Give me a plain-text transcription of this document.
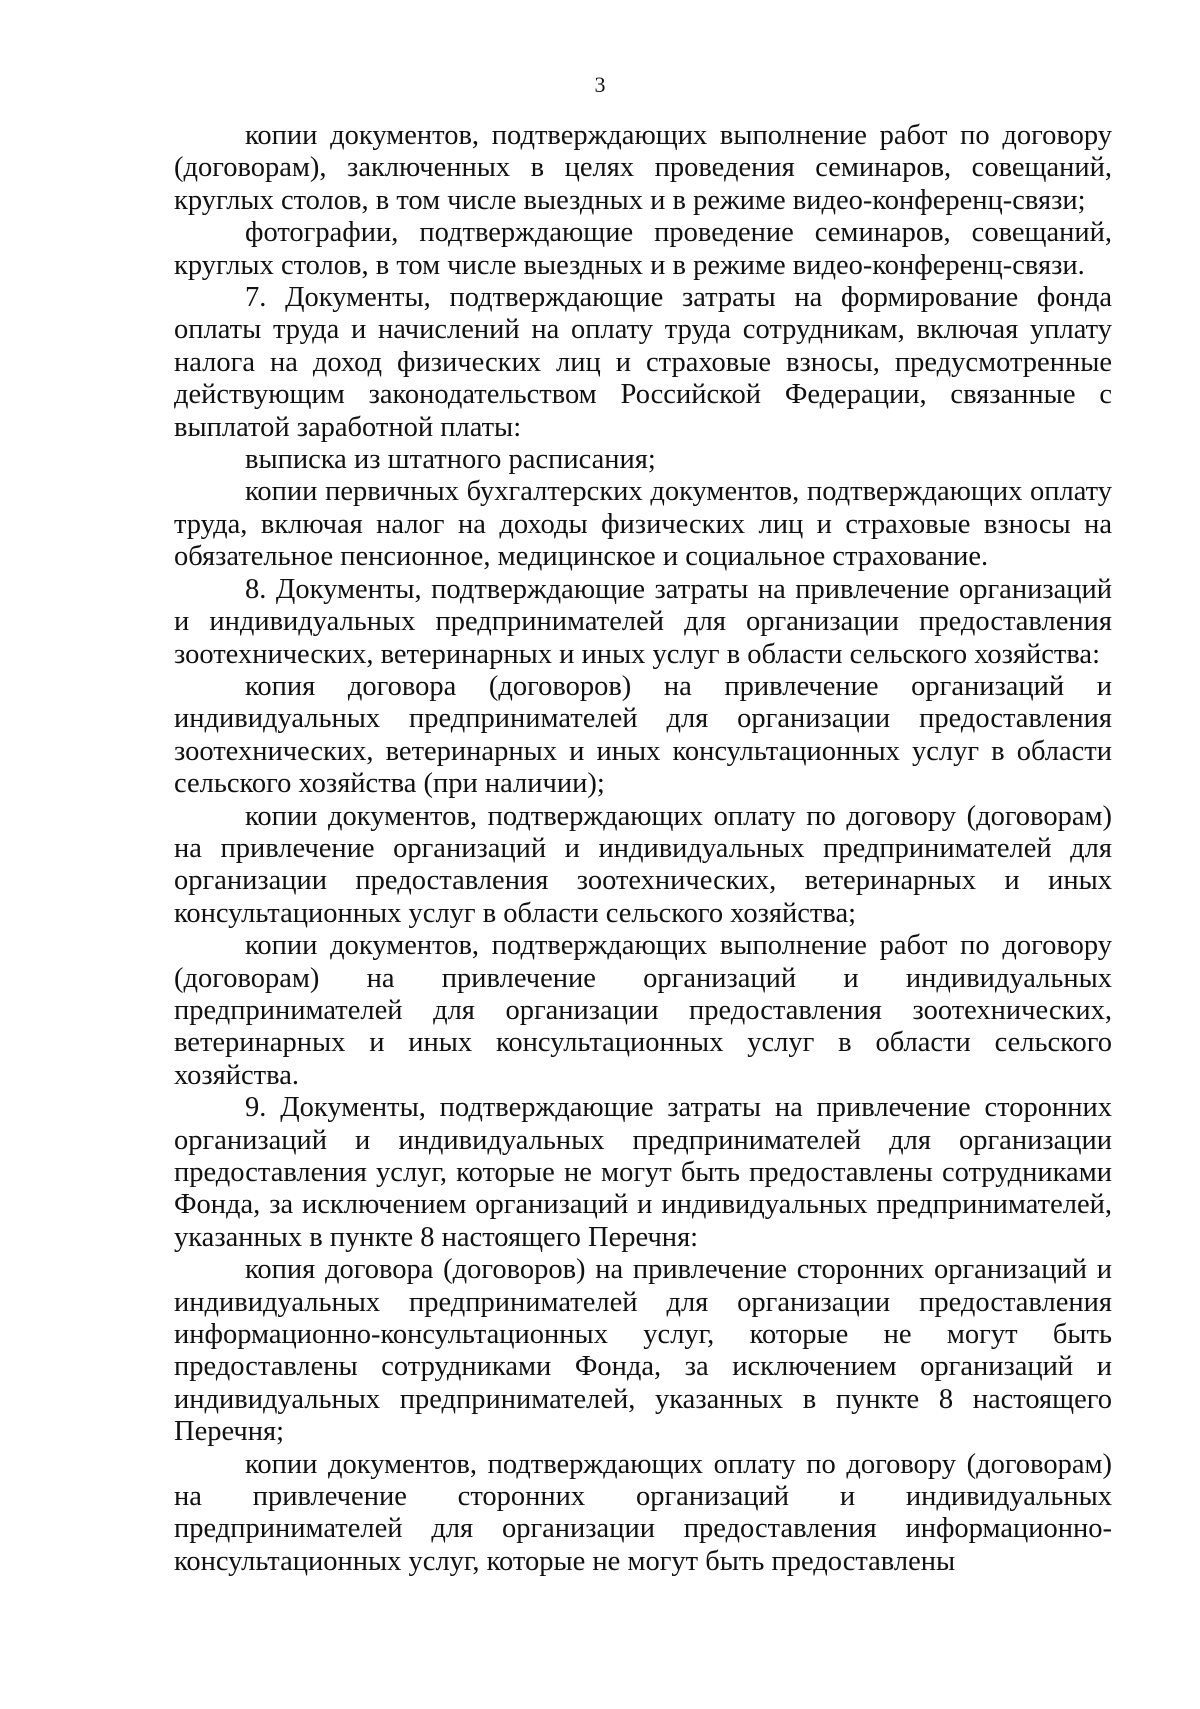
3

копии документов, подтверждающих выполнение работ по договору (договорам), заключенных в целях проведения семинаров, совещаний, круглых столов, в том числе выездных и в режиме видео-конференц-связи;

фотографии, подтверждающие проведение семинаров, совещаний, круглых столов, в том числе выездных и в режиме видео-конференц-связи.

7. Документы, подтверждающие затраты на формирование фонда оплаты труда и начислений на оплату труда сотрудникам, включая уплату налога на доход физических лиц и страховые взносы, предусмотренные действующим законодательством Российской Федерации, связанные с выплатой заработной платы:

выписка из штатного расписания;

копии первичных бухгалтерских документов, подтверждающих оплату труда, включая налог на доходы физических лиц и страховые взносы на обязательное пенсионное, медицинское и социальное страхование.

8. Документы, подтверждающие затраты на привлечение организаций и индивидуальных предпринимателей для организации предоставления зоотехнических, ветеринарных и иных услуг в области сельского хозяйства:

копия договора (договоров) на привлечение организаций и индивидуальных предпринимателей для организации предоставления зоотехнических, ветеринарных и иных консультационных услуг в области сельского хозяйства (при наличии);

копии документов, подтверждающих оплату по договору (договорам) на привлечение организаций и индивидуальных предпринимателей для организации предоставления зоотехнических, ветеринарных и иных консультационных услуг в области сельского хозяйства;

копии документов, подтверждающих выполнение работ по договору (договорам) на привлечение организаций и индивидуальных предпринимателей для организации предоставления зоотехнических, ветеринарных и иных консультационных услуг в области сельского хозяйства.

9. Документы, подтверждающие затраты на привлечение сторонних организаций и индивидуальных предпринимателей для организации предоставления услуг, которые не могут быть предоставлены сотрудниками Фонда, за исключением организаций и индивидуальных предпринимателей, указанных в пункте 8 настоящего Перечня:

копия договора (договоров) на привлечение сторонних организаций и индивидуальных предпринимателей для организации предоставления информационно-консультационных услуг, которые не могут быть предоставлены сотрудниками Фонда, за исключением организаций и индивидуальных предпринимателей, указанных в пункте 8 настоящего Перечня;

копии документов, подтверждающих оплату по договору (договорам) на привлечение сторонних организаций и индивидуальных предпринимателей для организации предоставления информационно-консультационных услуг, которые не могут быть предоставлены
